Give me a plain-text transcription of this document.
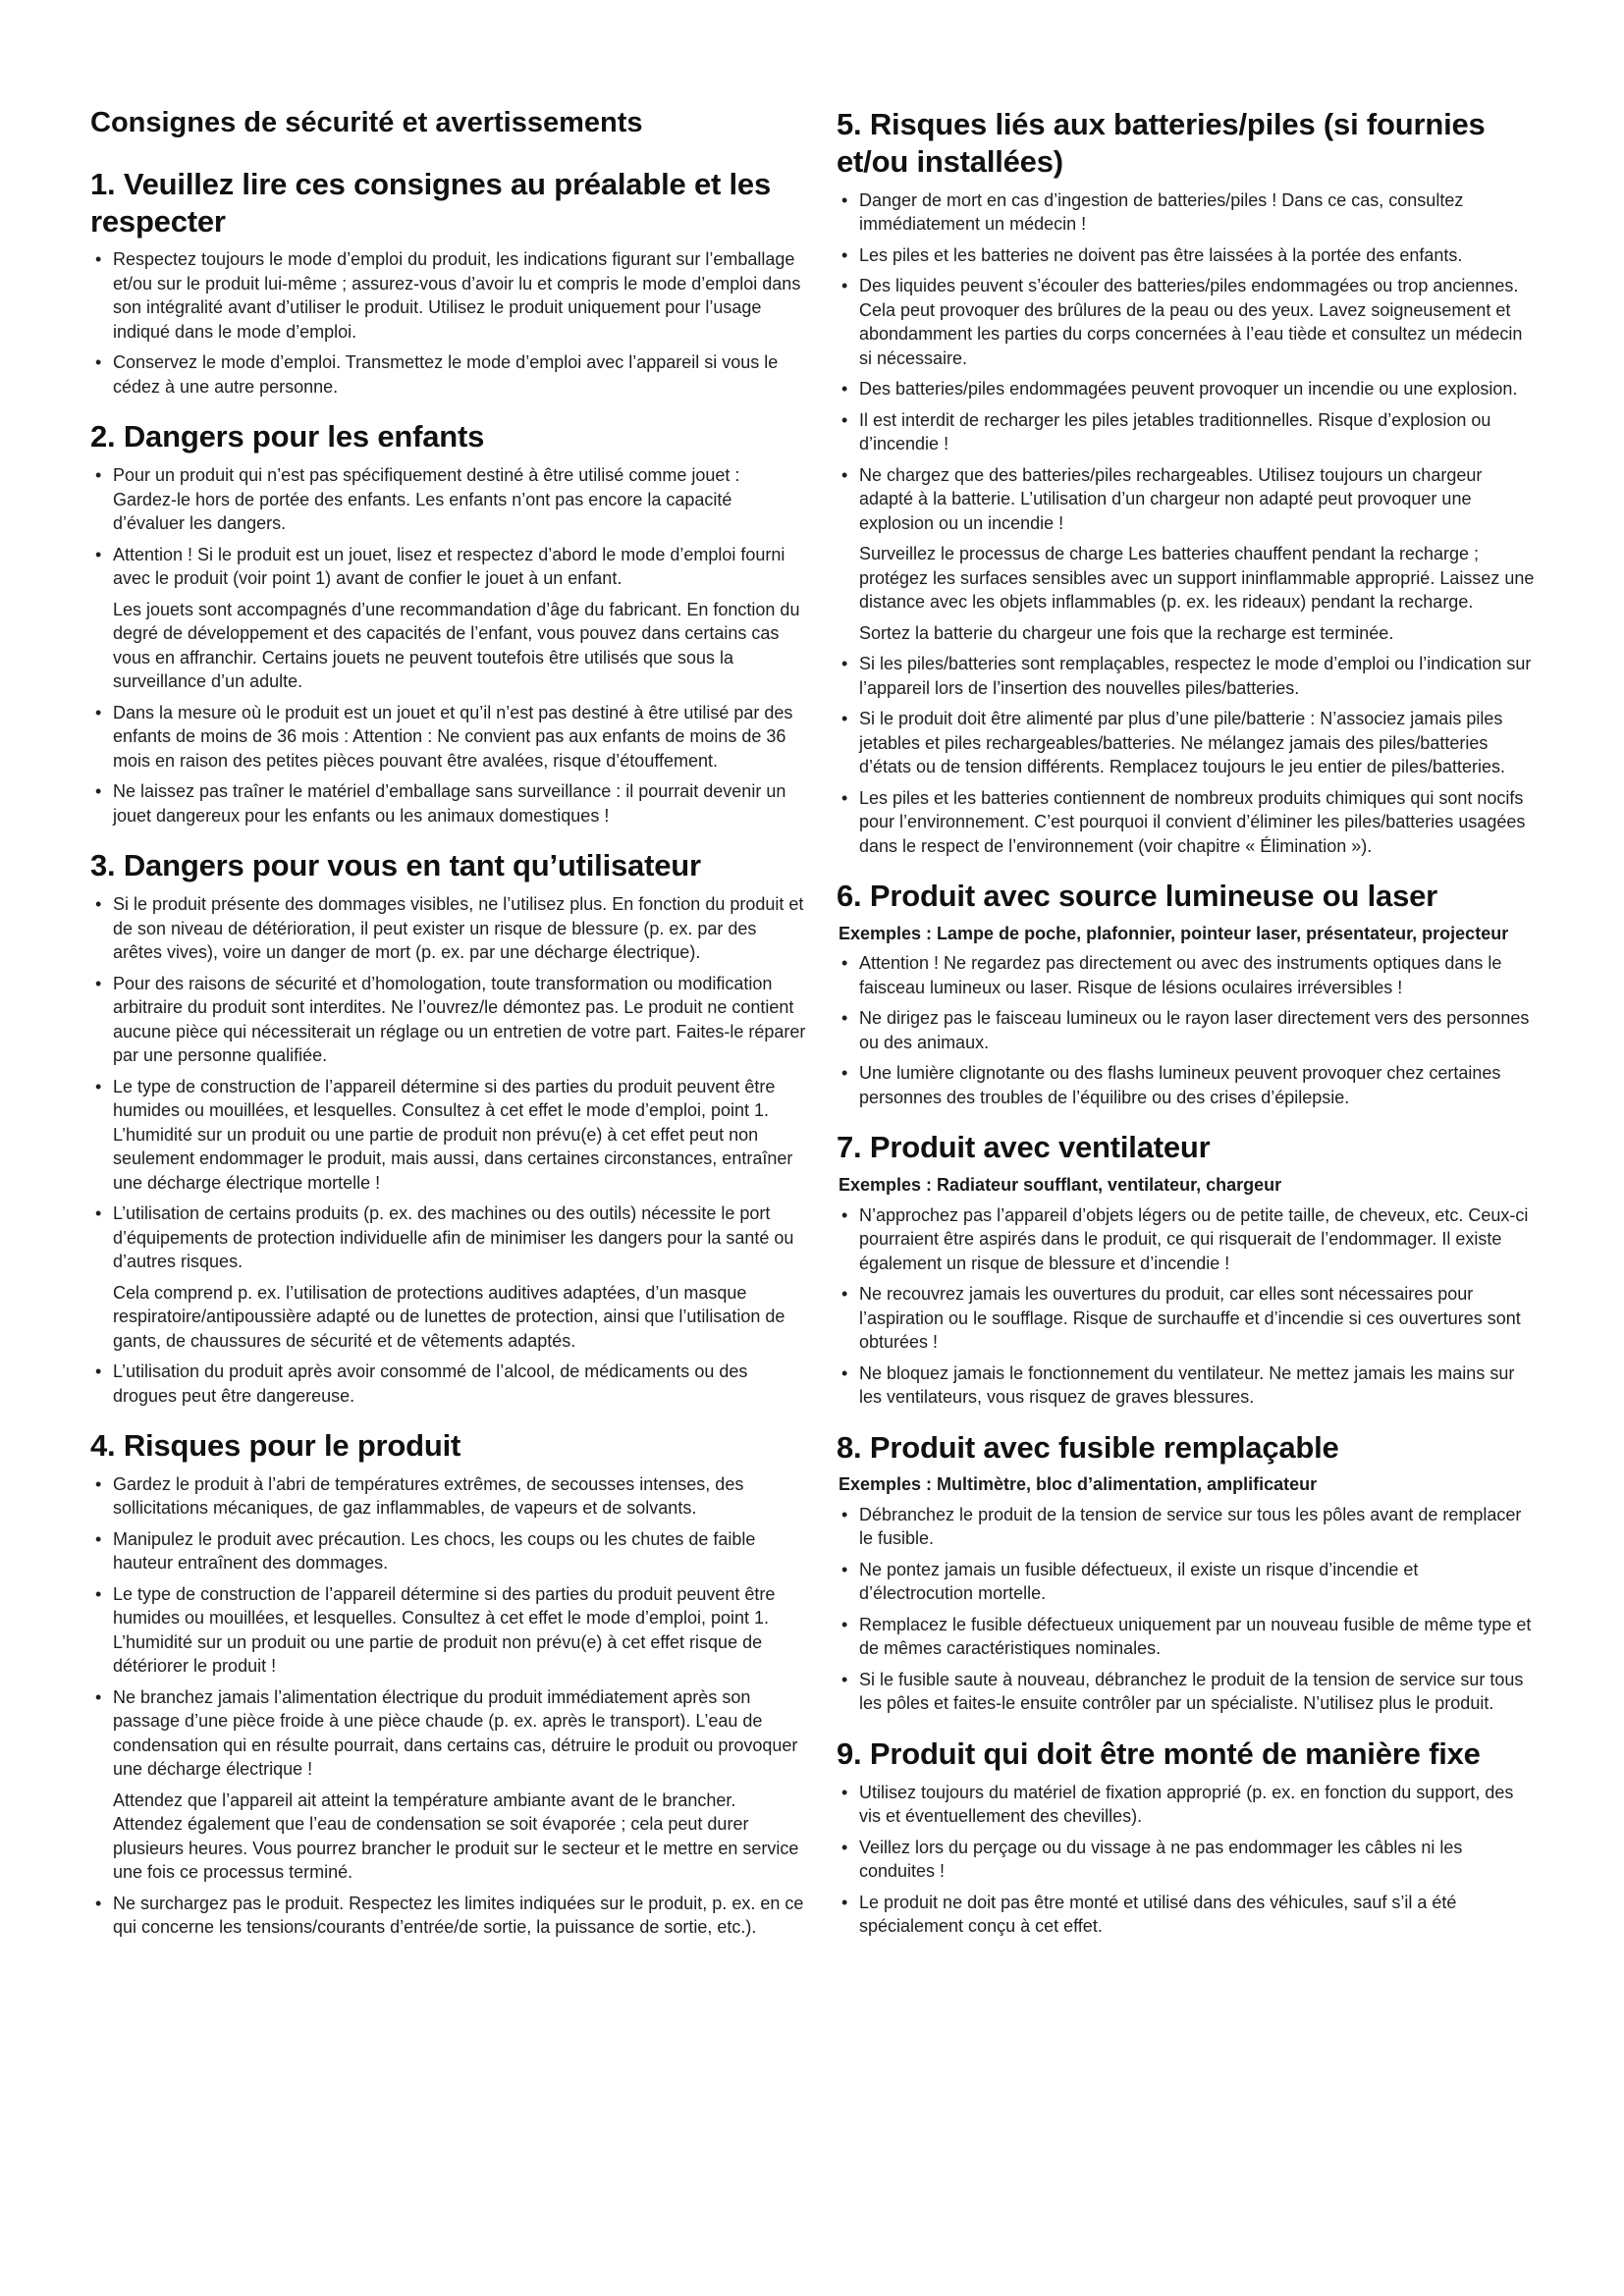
Consignes de sécurité et avertissements
1. Veuillez lire ces consignes au préalable et les respecter
• Respectez toujours le mode d’emploi du produit, les indications figurant sur l’emballage et/ou sur le produit lui-même ; assurez-vous d’avoir lu et compris le mode d’emploi dans son intégralité avant d’utiliser le produit. Utilisez le produit uniquement pour l’usage indiqué dans le mode d’emploi.

• Conservez le mode d’emploi. Transmettez le mode d’emploi avec l’appareil si vous le cédez à une autre personne.

2. Dangers pour les enfants
• Pour un produit qui n’est pas spécifiquement destiné à être utilisé comme jouet : Gardez-le hors de portée des enfants. Les enfants n’ont pas encore la capacité d’évaluer les dangers.

• Attention ! Si le produit est un jouet, lisez et respectez d’abord le mode d’emploi fourni avec le produit (voir point 1) avant de confier le jouet à un enfant.

Les jouets sont accompagnés d’une recommandation d’âge du fabricant. En fonction du degré de développement et des capacités de l’enfant, vous pouvez dans certains cas vous en affranchir. Certains jouets ne peuvent toutefois être utilisés que sous la surveillance d’un adulte.

• Dans la mesure où le produit est un jouet et qu’il n’est pas destiné à être utilisé par des enfants de moins de 36 mois : Attention : Ne convient pas aux enfants de moins de 36 mois en raison des petites pièces pouvant être avalées, risque d’étouffement.

• Ne laissez pas traîner le matériel d’emballage sans surveillance : il pourrait devenir un jouet dangereux pour les enfants ou les animaux domestiques !

3. Dangers pour vous en tant qu’utilisateur
• Si le produit présente des dommages visibles, ne l’utilisez plus. En fonction du produit et de son niveau de détérioration, il peut exister un risque de blessure (p. ex. par des arêtes vives), voire un danger de mort (p. ex. par une décharge électrique).

• Pour des raisons de sécurité et d’homologation, toute transformation ou modification arbitraire du produit sont interdites. Ne l’ouvrez/le démontez pas. Le produit ne contient aucune pièce qui nécessiterait un réglage ou un entretien de votre part. Faites-le réparer par une personne qualifiée.

• Le type de construction de l’appareil détermine si des parties du produit peuvent être humides ou mouillées, et lesquelles. Consultez à cet effet le mode d’emploi, point 1. L’humidité sur un produit ou une partie de produit non prévu(e) à cet effet peut non seulement endommager le produit, mais aussi, dans certaines circonstances, entraîner une décharge électrique mortelle !

• L’utilisation de certains produits (p. ex. des machines ou des outils) nécessite le port d’équipements de protection individuelle afin de minimiser les dangers pour la santé ou d’autres risques.

Cela comprend p. ex. l’utilisation de protections auditives adaptées, d’un masque respiratoire/antipoussière adapté ou de lunettes de protection, ainsi que l’utilisation de gants, de chaussures de sécurité et de vêtements adaptés.

• L’utilisation du produit après avoir consommé de l’alcool, de médicaments ou des drogues peut être dangereuse.

4. Risques pour le produit
• Gardez le produit à l’abri de températures extrêmes, de secousses intenses, des sollicitations mécaniques, de gaz inflammables, de vapeurs et de solvants.

• Manipulez le produit avec précaution. Les chocs, les coups ou les chutes de faible hauteur entraînent des dommages.

• Le type de construction de l’appareil détermine si des parties du produit peuvent être humides ou mouillées, et lesquelles. Consultez à cet effet le mode d’emploi, point 1. L’humidité sur un produit ou une partie de produit non prévu(e) à cet effet risque de détériorer le produit !

• Ne branchez jamais l’alimentation électrique du produit immédiatement après son passage d’une pièce froide à une pièce chaude (p. ex. après le transport). L’eau de condensation qui en résulte pourrait, dans certains cas, détruire le produit ou provoquer une décharge électrique !

Attendez que l’appareil ait atteint la température ambiante avant de le brancher. Attendez également que l’eau de condensation se soit évaporée ; cela peut durer plusieurs heures. Vous pourrez brancher le produit sur le secteur et le mettre en service une fois ce processus terminé.

• Ne surchargez pas le produit. Respectez les limites indiquées sur le produit, p. ex. en ce qui concerne les tensions/courants d’entrée/de sortie, la puissance de sortie, etc.).

5. Risques liés aux batteries/piles (si fournies et/ou installées)
• Danger de mort en cas d’ingestion de batteries/piles ! Dans ce cas, consultez immédiatement un médecin !

• Les piles et les batteries ne doivent pas être laissées à la portée des enfants.

• Des liquides peuvent s’écouler des batteries/piles endommagées ou trop anciennes. Cela peut provoquer des brûlures de la peau ou des yeux. Lavez soigneusement et abondamment les parties du corps concernées à l’eau tiède et consultez un médecin si nécessaire.

• Des batteries/piles endommagées peuvent provoquer un incendie ou une explosion.

• Il est interdit de recharger les piles jetables traditionnelles. Risque d’explosion ou d’incendie !

• Ne chargez que des batteries/piles rechargeables. Utilisez toujours un chargeur adapté à la batterie. L’utilisation d’un chargeur non adapté peut provoquer une explosion ou un incendie !

Surveillez le processus de charge Les batteries chauffent pendant la recharge ; protégez les surfaces sensibles avec un support ininflammable approprié. Laissez une distance avec les objets inflammables (p. ex. les rideaux) pendant la recharge.

Sortez la batterie du chargeur une fois que la recharge est terminée.

• Si les piles/batteries sont remplaçables, respectez le mode d’emploi ou l’indication sur l’appareil lors de l’insertion des nouvelles piles/batteries.

• Si le produit doit être alimenté par plus d’une pile/batterie : N’associez jamais piles jetables et piles rechargeables/batteries. Ne mélangez jamais des piles/batteries d’états ou de tension différents. Remplacez toujours le jeu entier de piles/batteries.

• Les piles et les batteries contiennent de nombreux produits chimiques qui sont nocifs pour l’environnement. C’est pourquoi il convient d’éliminer les piles/batteries usagées dans le respect de l’environnement (voir chapitre « Élimination »).

6. Produit avec source lumineuse ou laser
Exemples : Lampe de poche, plafonnier, pointeur laser, présentateur, projecteur
• Attention ! Ne regardez pas directement ou avec des instruments optiques dans le faisceau lumineux ou laser. Risque de lésions oculaires irréversibles !

• Ne dirigez pas le faisceau lumineux ou le rayon laser directement vers des personnes ou des animaux.

• Une lumière clignotante ou des flashs lumineux peuvent provoquer chez certaines personnes des troubles de l’équilibre ou des crises d’épilepsie.

7. Produit avec ventilateur
Exemples : Radiateur soufflant, ventilateur, chargeur
• N’approchez pas l’appareil d’objets légers ou de petite taille, de cheveux, etc. Ceux-ci pourraient être aspirés dans le produit, ce qui risquerait de l’endommager. Il existe également un risque de blessure et d’incendie !

• Ne recouvrez jamais les ouvertures du produit, car elles sont nécessaires pour l’aspiration ou le soufflage. Risque de surchauffe et d’incendie si ces ouvertures sont obturées !

• Ne bloquez jamais le fonctionnement du ventilateur. Ne mettez jamais les mains sur les ventilateurs, vous risquez de graves blessures.

8. Produit avec fusible remplaçable
Exemples : Multimètre, bloc d’alimentation, amplificateur
• Débranchez le produit de la tension de service sur tous les pôles avant de remplacer le fusible.

• Ne pontez jamais un fusible défectueux, il existe un risque d’incendie et d’électrocution mortelle.

• Remplacez le fusible défectueux uniquement par un nouveau fusible de même type et de mêmes caractéristiques nominales.

• Si le fusible saute à nouveau, débranchez le produit de la tension de service sur tous les pôles et faites-le ensuite contrôler par un spécialiste. N’utilisez plus le produit.

9. Produit qui doit être monté de manière fixe
• Utilisez toujours du matériel de fixation approprié (p. ex. en fonction du support, des vis et éventuellement des chevilles).

• Veillez lors du perçage ou du vissage à ne pas endommager les câbles ni les conduites !

• Le produit ne doit pas être monté et utilisé dans des véhicules, sauf s’il a été spécialement conçu à cet effet.
